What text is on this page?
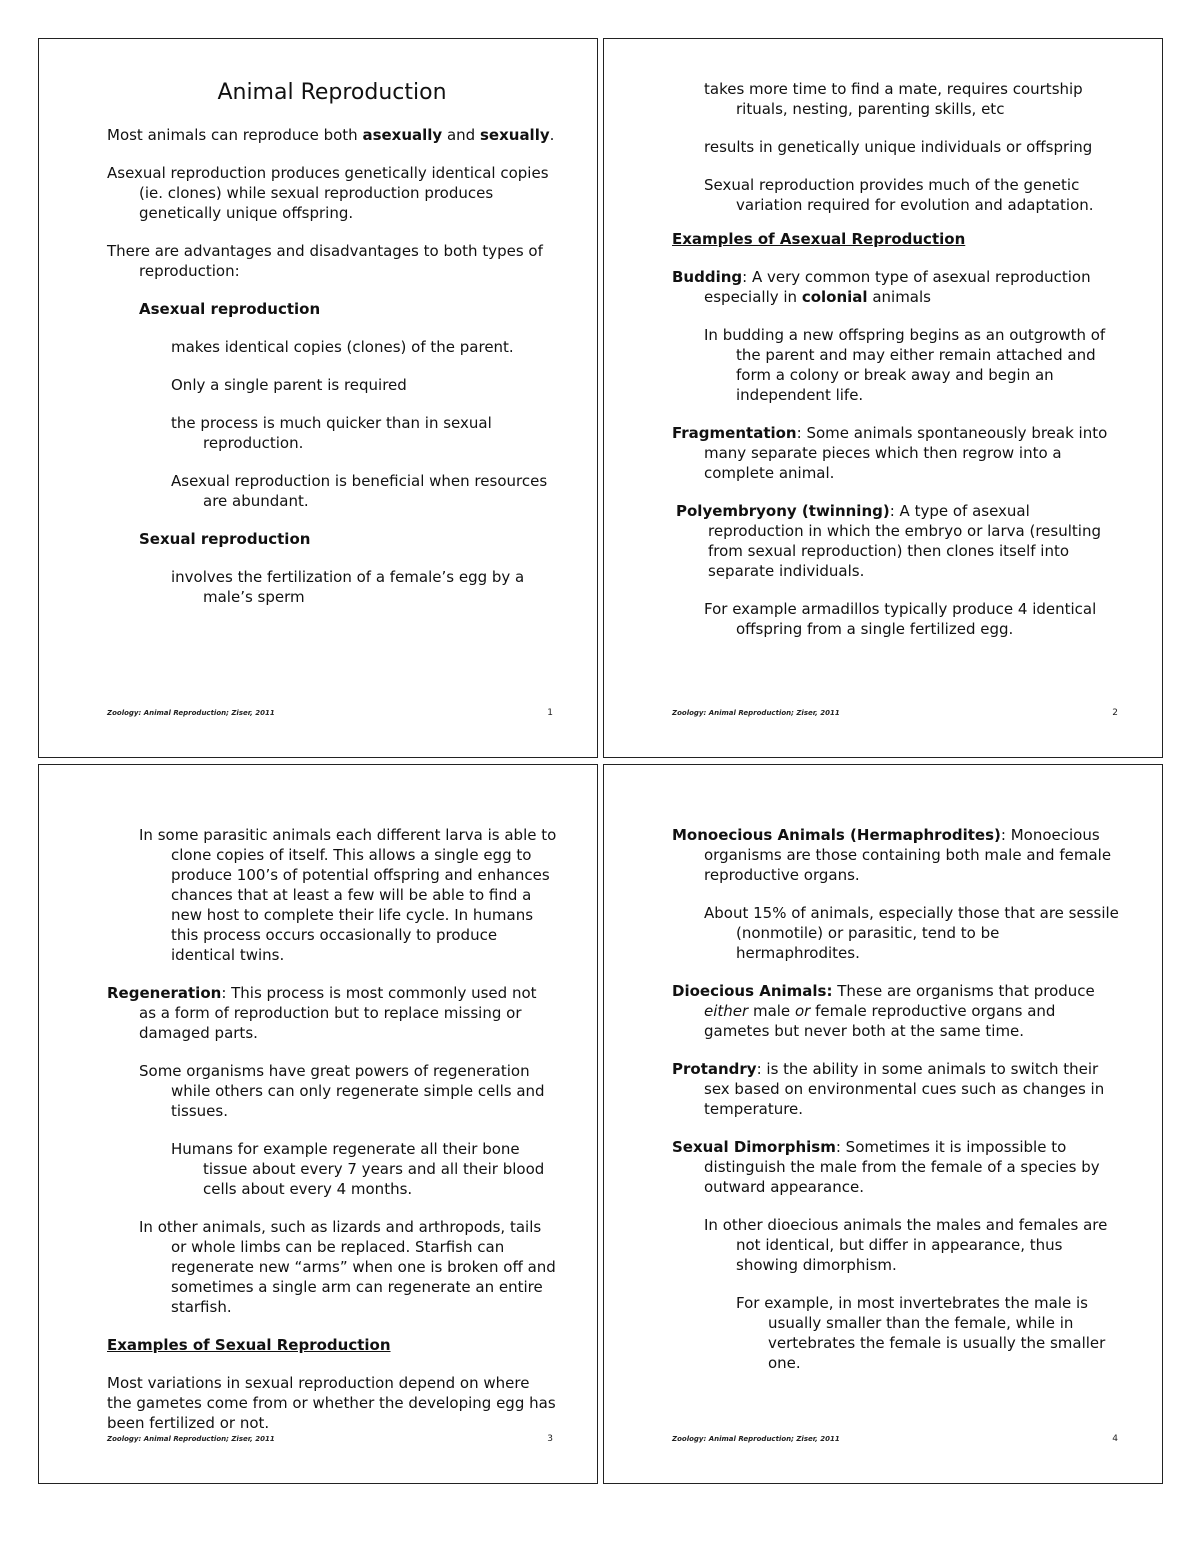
Animal Reproduction

Most animals can reproduce both asexually and sexually.

Asexual reproduction produces genetically identical copies (ie. clones) while sexual reproduction produces genetically unique offspring.

There are advantages and disadvantages to both types of reproduction:

Asexual reproduction

makes identical copies (clones) of the parent.

Only a single parent is required

the process is much quicker than in sexual reproduction.

Asexual reproduction is beneficial when resources are abundant.

Sexual reproduction

involves the fertilization of a female’s egg by a male’s sperm

Zoology: Animal Reproduction; Ziser, 2011	1

takes more time to find a mate, requires courtship rituals, nesting, parenting skills, etc

results in genetically unique individuals or offspring

Sexual reproduction provides much of the genetic variation required for evolution and adaptation.

Examples of Asexual Reproduction

Budding: A very common type of asexual reproduction especially in colonial animals

In budding a new offspring begins as an outgrowth of the parent and may either remain attached and form a colony or break away and begin an independent life.

Fragmentation: Some animals spontaneously break into many separate pieces which then regrow into a complete animal.

Polyembryony (twinning): A type of asexual reproduction in which the embryo or larva (resulting from sexual reproduction) then clones itself into separate individuals.

For example armadillos typically produce 4 identical offspring from a single fertilized egg.

Zoology: Animal Reproduction; Ziser, 2011	2

In some parasitic animals each different larva is able to clone copies of itself. This allows a single egg to produce 100’s of potential offspring and enhances chances that at least a few will be able to find a new host to complete their life cycle. In humans this process occurs occasionally to produce identical twins.

Regeneration: This process is most commonly used not as a form of reproduction but to replace missing or damaged parts.

Some organisms have great powers of regeneration while others can only regenerate simple cells and tissues.

Humans for example regenerate all their bone tissue about every 7 years and all their blood cells about every 4 months.

In other animals, such as lizards and arthropods, tails or whole limbs can be replaced. Starfish can regenerate new “arms” when one is broken off and sometimes a single arm can regenerate an entire starfish.

Examples of Sexual Reproduction

Most variations in sexual reproduction depend on where the gametes come from or whether the developing egg has been fertilized or not.

Zoology: Animal Reproduction; Ziser, 2011	3

Monoecious Animals (Hermaphrodites): Monoecious organisms are those containing both male and female reproductive organs.

About 15% of animals, especially those that are sessile (nonmotile) or parasitic, tend to be hermaphrodites.

Dioecious Animals: These are organisms that produce either male or female reproductive organs and gametes but never both at the same time.

Protandry: is the ability in some animals to switch their sex based on environmental cues such as changes in temperature.

Sexual Dimorphism: Sometimes it is impossible to distinguish the male from the female of a species by outward appearance.

In other dioecious animals the males and females are not identical, but differ in appearance, thus showing dimorphism.

For example, in most invertebrates the male is usually smaller than the female, while in vertebrates the female is usually the smaller one.

Zoology: Animal Reproduction; Ziser, 2011	4
